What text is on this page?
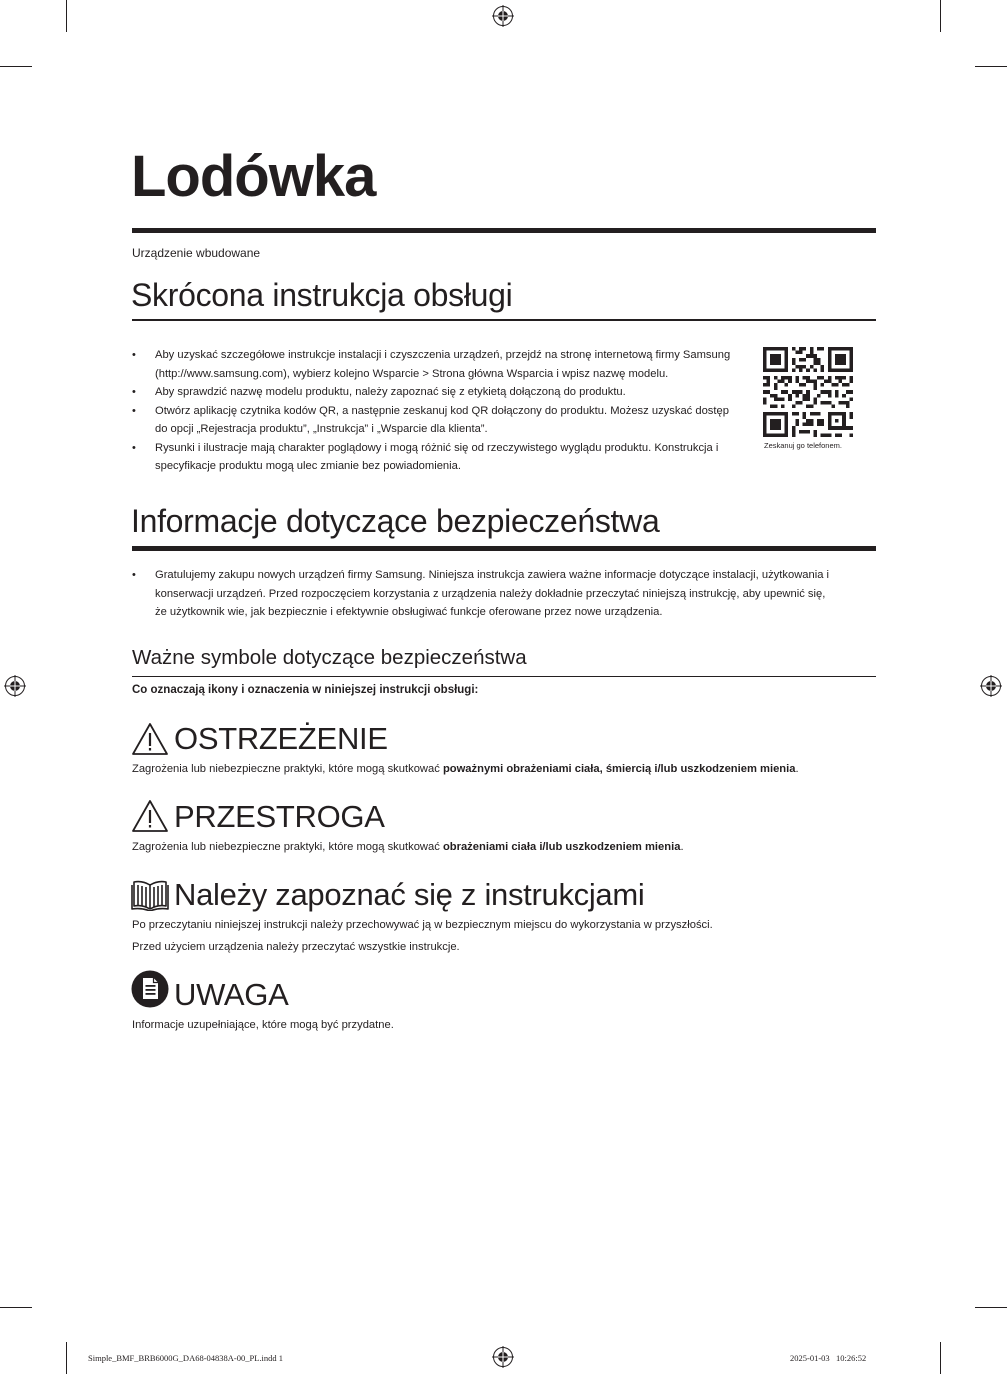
Lodówka
Urządzenie wbudowane
Skrócona instrukcja obsługi
• Aby uzyskać szczegółowe instrukcje instalacji i czyszczenia urządzeń, przejdź na stronę internetową firmy Samsung (http://www.samsung.com), wybierz kolejno Wsparcie > Strona główna Wsparcia i wpisz nazwę modelu.
• Aby sprawdzić nazwę modelu produktu, należy zapoznać się z etykietą dołączoną do produktu.
• Otwórz aplikację czytnika kodów QR, a następnie zeskanuj kod QR dołączony do produktu. Możesz uzyskać dostęp do opcji „Rejestracja produktu”, „Instrukcja” i „Wsparcie dla klienta”.
• Rysunki i ilustracje mają charakter poglądowy i mogą różnić się od rzeczywistego wyglądu produktu. Konstrukcja i specyfikacje produktu mogą ulec zmianie bez powiadomienia.
Zeskanuj go telefonem.
Informacje dotyczące bezpieczeństwa
• Gratulujemy zakupu nowych urządzeń firmy Samsung. Niniejsza instrukcja zawiera ważne informacje dotyczące instalacji, użytkowania i konserwacji urządzeń. Przed rozpoczęciem korzystania z urządzenia należy dokładnie przeczytać niniejszą instrukcję, aby upewnić się, że użytkownik wie, jak bezpiecznie i efektywnie obsługiwać funkcje oferowane przez nowe urządzenia.
Ważne symbole dotyczące bezpieczeństwa
Co oznaczają ikony i oznaczenia w niniejszej instrukcji obsługi:
OSTRZEŻENIE
Zagrożenia lub niebezpieczne praktyki, które mogą skutkować poważnymi obrażeniami ciała, śmiercią i/lub uszkodzeniem mienia.
PRZESTROGA
Zagrożenia lub niebezpieczne praktyki, które mogą skutkować obrażeniami ciała i/lub uszkodzeniem mienia.
Należy zapoznać się z instrukcjami
Po przeczytaniu niniejszej instrukcji należy przechowywać ją w bezpiecznym miejscu do wykorzystania w przyszłości.
Przed użyciem urządzenia należy przeczytać wszystkie instrukcje.
UWAGA
Informacje uzupełniające, które mogą być przydatne.
Simple_BMF_BRB6000G_DA68-04838A-00_PL.indd 1	2025-01-03   10:26:52
